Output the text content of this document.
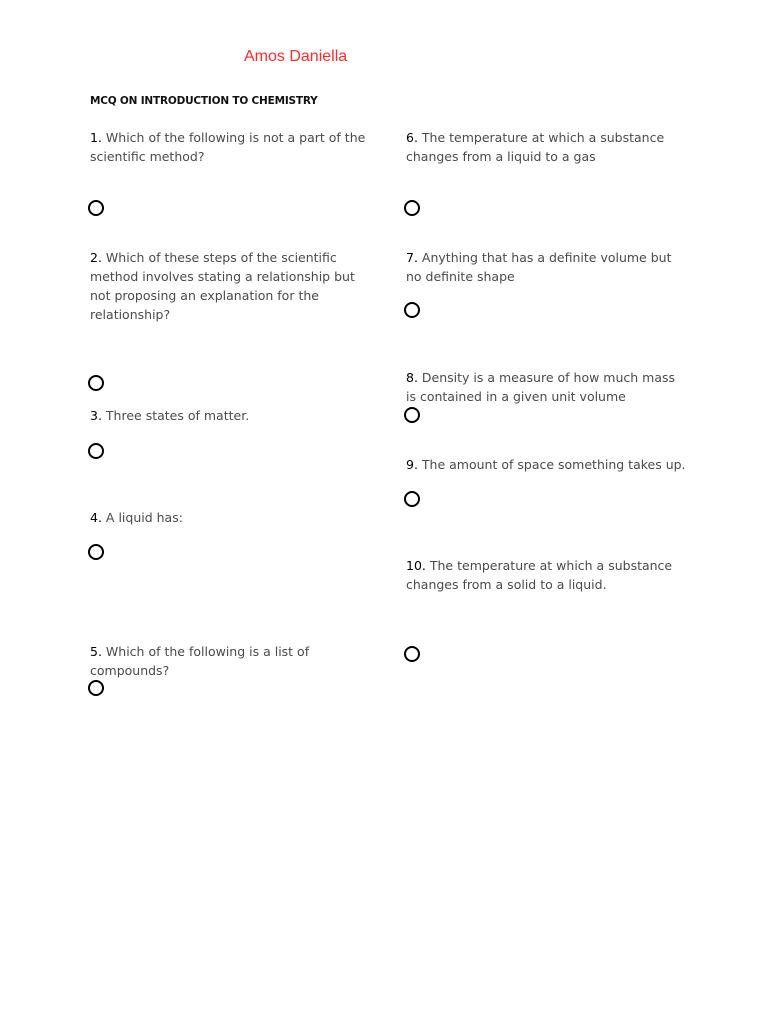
Amos Daniella
MCQ ON INTRODUCTION TO CHEMISTRY
1. Which of the following is not a part of the scientific method?
2. Which of these steps of the scientific method involves stating a relationship but not proposing an explanation for the relationship?
3. Three states of matter.
4. A liquid has:
5. Which of the following is a list of compounds?
6. The temperature at which a substance changes from a liquid to a gas
7. Anything that has a definite volume but no definite shape
8. Density is a measure of how much mass is contained in a given unit volume
9. The amount of space something takes up.
10. The temperature at which a substance changes from a solid to a liquid.
